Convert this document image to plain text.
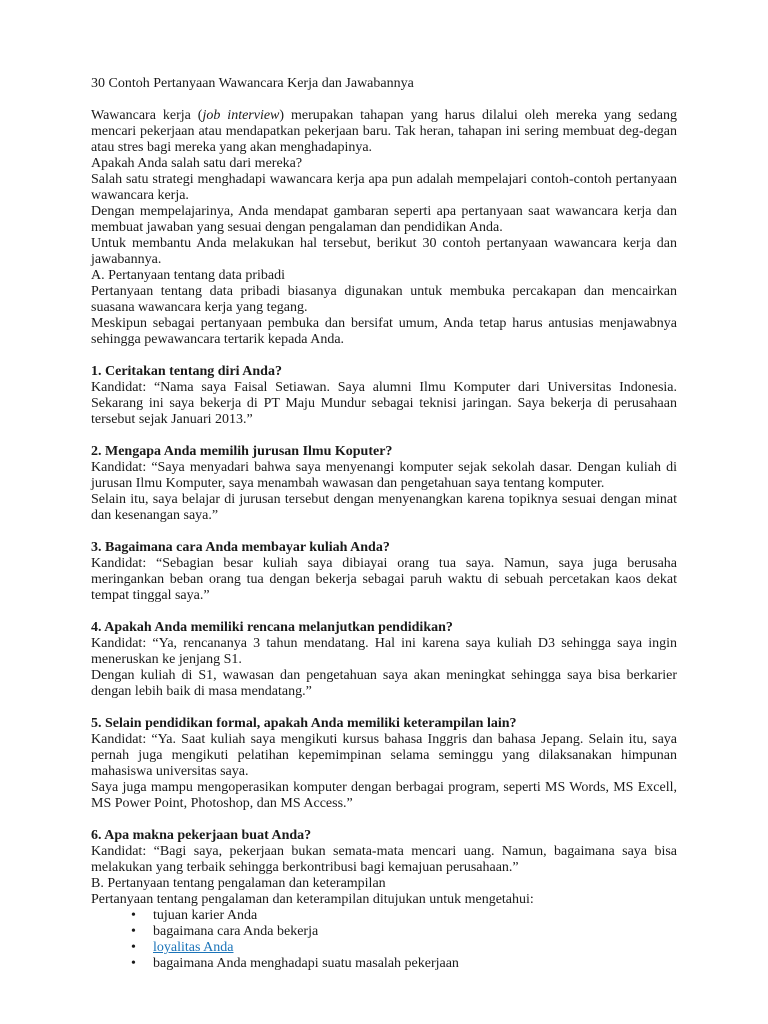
30 Contoh Pertanyaan Wawancara Kerja dan Jawabannya

Wawancara kerja (job interview) merupakan tahapan yang harus dilalui oleh mereka yang sedang mencari pekerjaan atau mendapatkan pekerjaan baru. Tak heran, tahapan ini sering membuat deg-degan atau stres bagi mereka yang akan menghadapinya.

Apakah Anda salah satu dari mereka?

Salah satu strategi menghadapi wawancara kerja apa pun adalah mempelajari contoh-contoh pertanyaan wawancara kerja.

Dengan mempelajarinya, Anda mendapat gambaran seperti apa pertanyaan saat wawancara kerja dan membuat jawaban yang sesuai dengan pengalaman dan pendidikan Anda.

Untuk membantu Anda melakukan hal tersebut, berikut 30 contoh pertanyaan wawancara kerja dan jawabannya.

A. Pertanyaan tentang data pribadi

Pertanyaan tentang data pribadi biasanya digunakan untuk membuka percakapan dan mencairkan suasana wawancara kerja yang tegang.

Meskipun sebagai pertanyaan pembuka dan bersifat umum, Anda tetap harus antusias menjawabnya sehingga pewawancara tertarik kepada Anda.

1. Ceritakan tentang diri Anda?

Kandidat: “Nama saya Faisal Setiawan. Saya alumni Ilmu Komputer dari Universitas Indonesia. Sekarang ini saya bekerja di PT Maju Mundur sebagai teknisi jaringan. Saya bekerja di perusahaan tersebut sejak Januari 2013.”

2. Mengapa Anda memilih jurusan Ilmu Koputer?

Kandidat: “Saya menyadari bahwa saya menyenangi komputer sejak sekolah dasar. Dengan kuliah di jurusan Ilmu Komputer, saya menambah wawasan dan pengetahuan saya tentang komputer.

Selain itu, saya belajar di jurusan tersebut dengan menyenangkan karena topiknya sesuai dengan minat dan kesenangan saya.”

3. Bagaimana cara Anda membayar kuliah Anda?

Kandidat: “Sebagian besar kuliah saya dibiayai orang tua saya. Namun, saya juga berusaha meringankan beban orang tua dengan bekerja sebagai paruh waktu di sebuah percetakan kaos dekat tempat tinggal saya.”

4. Apakah Anda memiliki rencana melanjutkan pendidikan?

Kandidat: “Ya, rencananya 3 tahun mendatang. Hal ini karena saya kuliah D3 sehingga saya ingin meneruskan ke jenjang S1.

Dengan kuliah di S1, wawasan dan pengetahuan saya akan meningkat sehingga saya bisa berkarier dengan lebih baik di masa mendatang.”

5. Selain pendidikan formal, apakah Anda memiliki keterampilan lain?

Kandidat: “Ya. Saat kuliah saya mengikuti kursus bahasa Inggris dan bahasa Jepang. Selain itu, saya pernah juga mengikuti pelatihan kepemimpinan selama seminggu yang dilaksanakan himpunan mahasiswa universitas saya.

Saya juga mampu mengoperasikan komputer dengan berbagai program, seperti MS Words, MS Excell, MS Power Point, Photoshop, dan MS Access.”

6. Apa makna pekerjaan buat Anda?

Kandidat: “Bagi saya, pekerjaan bukan semata-mata mencari uang. Namun, bagaimana saya bisa melakukan yang terbaik sehingga berkontribusi bagi kemajuan perusahaan.”

B. Pertanyaan tentang pengalaman dan keterampilan

Pertanyaan tentang pengalaman dan keterampilan ditujukan untuk mengetahui:

• tujuan karier Anda
• bagaimana cara Anda bekerja
• loyalitas Anda
• bagaimana Anda menghadapi suatu masalah pekerjaan
